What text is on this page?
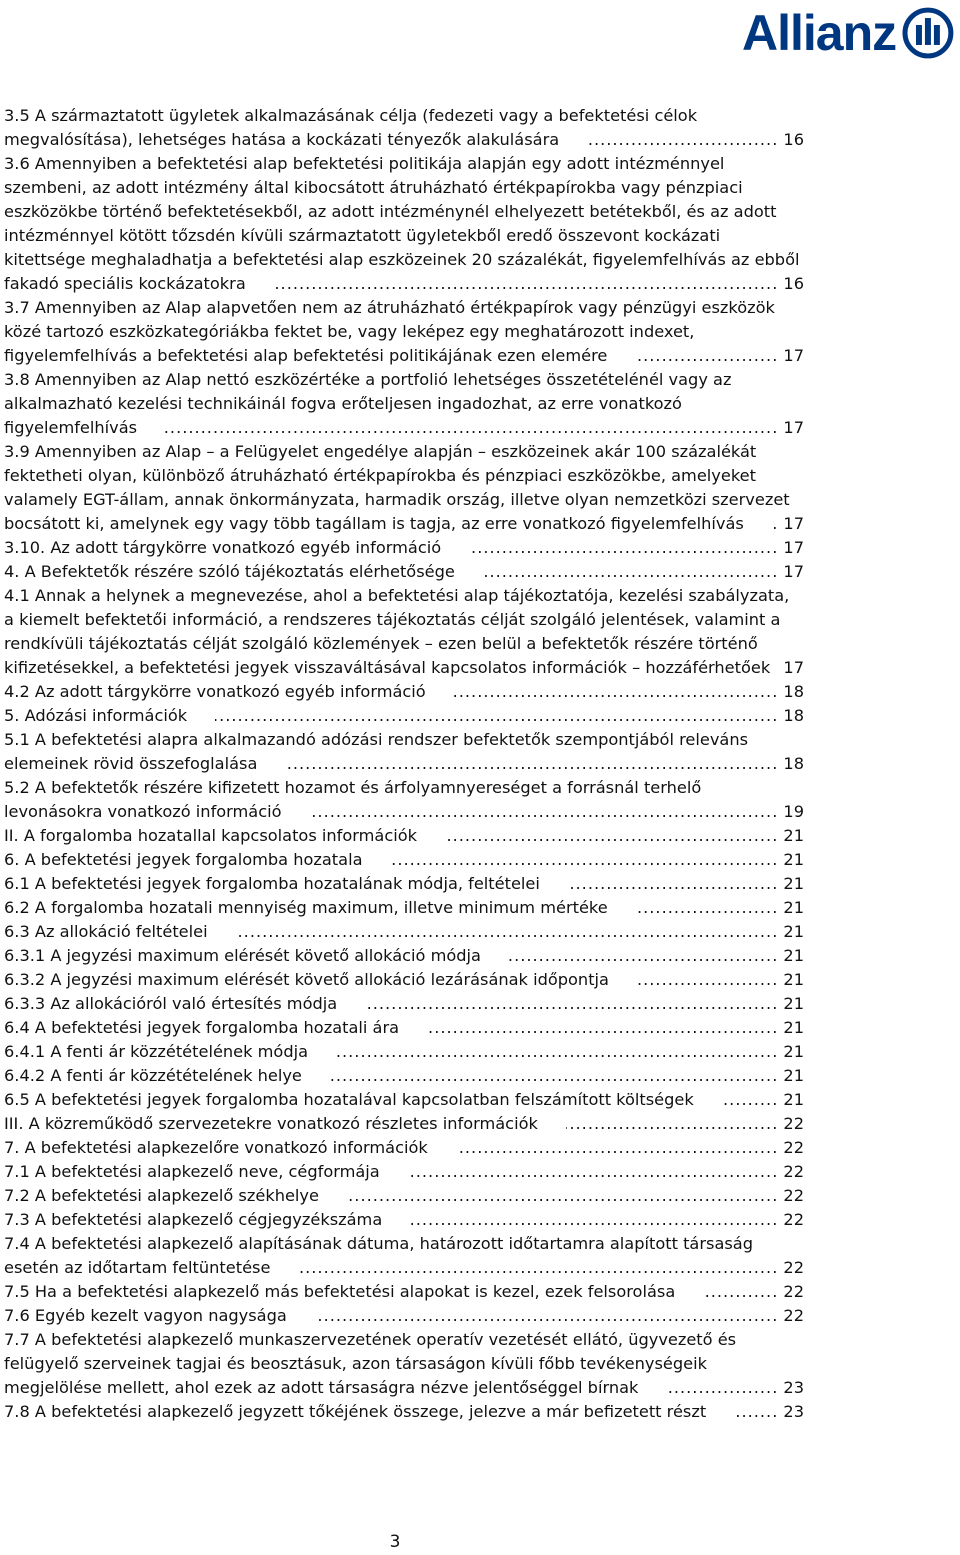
Allianz
3.5 A származtatott ügyletek alkalmazásának célja (fedezeti vagy a befektetési célok megvalósítása), lehetséges hatása a kockázati tényezők alakulására .....	16
3.6 Amennyiben a befektetési alap befektetési politikája alapján egy adott intézménnyel szembeni, az adott intézmény által kibocsátott átruházható értékpapírokba vagy pénzpiaci eszközökbe történő befektetésekből, az adott intézménynél elhelyezett betétekből, és az adott intézménnyel kötött tőzsdén kívüli származtatott ügyletekből eredő összevont kockázati kitettsége meghaladhatja a befektetési alap eszközeinek 20 százalékát, figyelemfelhívás az ebből fakadó speciális kockázatokra .....	16
3.7 Amennyiben az Alap alapvetően nem az átruházható értékpapírok vagy pénzügyi eszközök közé tartozó eszközkategóriákba fektet be, vagy leképez egy meghatározott indexet, figyelemfelhívás a befektetési alap befektetési politikájának ezen elemére .....	17
3.8 Amennyiben az Alap nettó eszközértéke a portfolió lehetséges összetételénél vagy az alkalmazható kezelési technikáinál fogva erőteljesen ingadozhat, az erre vonatkozó figyelemfelhívás .....	17
3.9 Amennyiben az Alap – a Felügyelet engedélye alapján – eszközeinek akár 100 százalékát fektetheti olyan, különböző átruházható értékpapírokba és pénzpiaci eszközökbe, amelyeket valamely EGT-állam, annak önkormányzata, harmadik ország, illetve olyan nemzetközi szervezet bocsátott ki, amelynek egy vagy több tagállam is tagja, az erre vonatkozó figyelemfelhívás ..... 17
3.10. Az adott tárgykörre vonatkozó egyéb információ .....	17
4. A Befektetők részére szóló tájékoztatás elérhetősége .....	17
4.1 Annak a helynek a megnevezése, ahol a befektetési alap tájékoztatója, kezelési szabályzata, a kiemelt befektetői információ, a rendszeres tájékoztatás célját szolgáló jelentések, valamint a rendkívüli tájékoztatás célját szolgáló közlemények – ezen belül a befektetők részére történő kifizetésekkel, a befektetési jegyek visszaváltásával kapcsolatos információk – hozzáférhetőek ..... 17
4.2 Az adott tárgykörre vonatkozó egyéb információ .....	18
5. Adózási információk .....	18
5.1 A befektetési alapra alkalmazandó adózási rendszer befektetők szempontjából releváns elemeinek rövid összefoglalása .....	18
5.2 A befektetők részére kifizetett hozamot és árfolyamnyereséget a forrásnál terhelő levonásokra vonatkozó információ .....	19
II. A forgalomba hozatallal kapcsolatos információk .....	21
6. A befektetési jegyek forgalomba hozatala .....	21
6.1 A befektetési jegyek forgalomba hozatalának módja, feltételei .....	21
6.2 A forgalomba hozatali mennyiség maximum, illetve minimum mértéke .....	21
6.3 Az allokáció feltételei .....	21
6.3.1 A jegyzési maximum elérését követő allokáció módja .....	21
6.3.2 A jegyzési maximum elérését követő allokáció lezárásának időpontja .....	21
6.3.3 Az allokációról való értesítés módja .....	21
6.4 A befektetési jegyek forgalomba hozatali ára .....	21
6.4.1 A fenti ár közzétételének módja .....	21
6.4.2 A fenti ár közzétételének helye .....	21
6.5 A befektetési jegyek forgalomba hozatalával kapcsolatban felszámított költségek .....	21
III. A közreműködő szervezetekre vonatkozó részletes információk .....	22
7. A befektetési alapkezelőre vonatkozó információk .....	22
7.1 A befektetési alapkezelő neve, cégformája .....	22
7.2 A befektetési alapkezelő székhelye .....	22
7.3 A befektetési alapkezelő cégjegyzékszáma .....	22
7.4 A befektetési alapkezelő alapításának dátuma, határozott időtartamra alapított társaság esetén az időtartam feltüntetése .....	22
7.5 Ha a befektetési alapkezelő más befektetési alapokat is kezel, ezek felsorolása .....	22
7.6 Egyéb kezelt vagyon nagysága .....	22
7.7 A befektetési alapkezelő munkaszervezetének operatív vezetését ellátó, ügyvezető és felügyelő szerveinek tagjai és beosztásuk, azon társaságon kívüli főbb tevékenységeik megjelölése mellett, ahol ezek az adott társaságra nézve jelentőséggel bírnak .....	23
7.8 A befektetési alapkezelő jegyzett tőkéjének összege, jelezve a már befizetett részt .....	23
3
